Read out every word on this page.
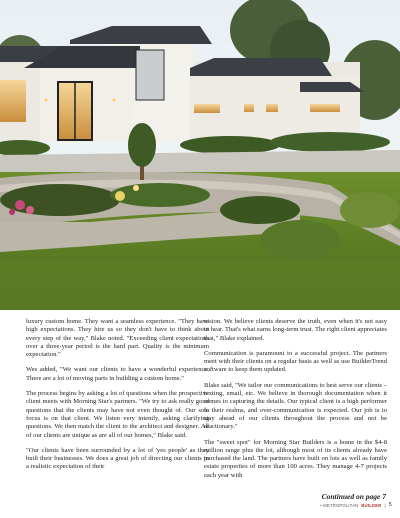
luxury custom home. They want a seamless experience. "They have high expectations. They hire us so they don't have to think about every step of the way," Blake noted. "Exceeding client expectations over a three-year period is the hard part. Quality is the minimum expectation."

Wes added, "We want our clients to have a wonderful experience. There are a lot of moving parts in building a custom home."

The process begins by asking a lot of questions when the prospective client meets with Morning Star's partners. "We try to ask really good questions that the clients may have not even thought of. Our sole focus is on that client. We listen very intently, asking clarifying questions. We then match the client to the architect and designer. All of our clients are unique as are all of our homes," Blake said.

"Our clients have been surrounded by a lot of 'yes people' as they built their businesses. We does a great job of directing our clients to a realistic expectation of their

vision. We believe clients deserve the truth, even when it's not easy to hear. That's what earns long-term trust. The right client appreciates that," Blake explained.

Communication is paramount to a successful project. The partners meet with their clients on a regular basis as well as use BuilderTrend software to keep them updated.

Blake said, "We tailor our communications to best serve our clients – texting, email, etc. We believe in thorough documentation when it comes to capturing the details. Our typical client is a high performer in their realms, and over-communication is expected. Our job is to stay ahead of our clients throughout the process and not be reactionary."

The "sweet spot" for Morning Star Builders is a home in the $4-8 million range plus the lot, although most of its clients already have purchased the land. The partners have built on lots as well as family estate properties of more than 100 acres. They manage 4-7 projects each year with

Continued on page 7
• METROPOLITAN BUILDER | 5
